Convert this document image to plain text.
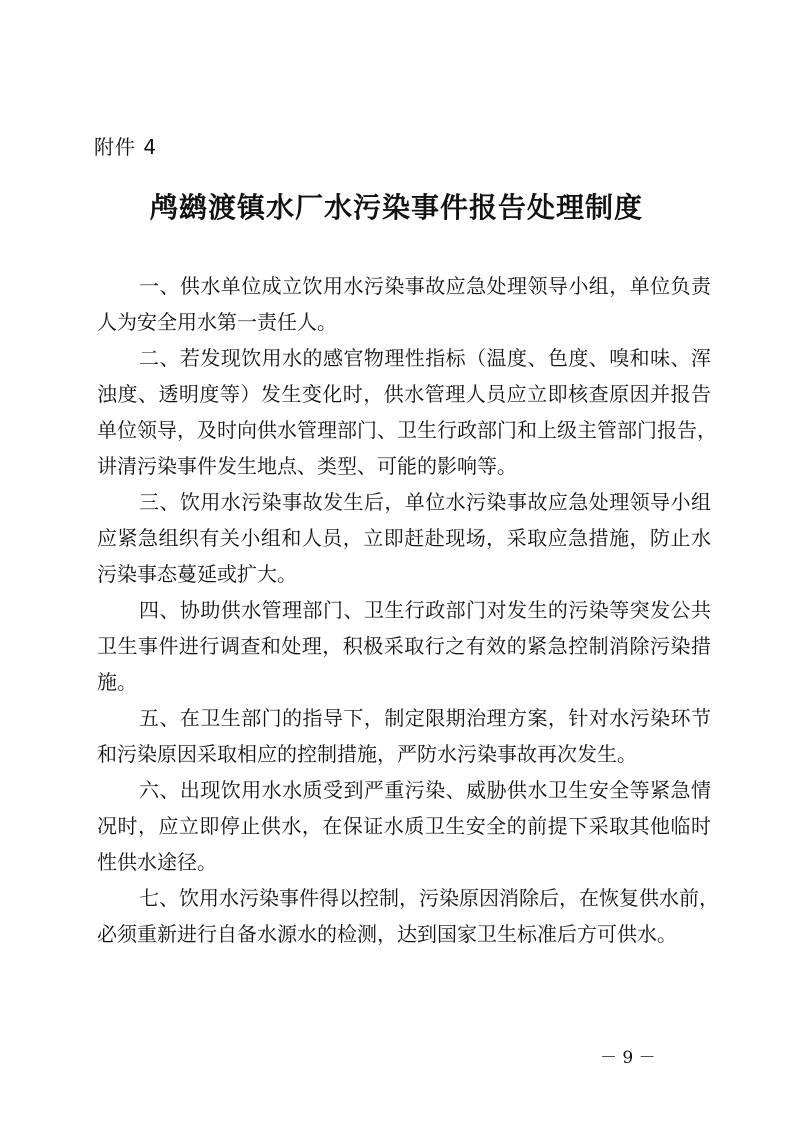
附件 4
鸬鹚渡镇水厂水污染事件报告处理制度

一、供水单位成立饮用水污染事故应急处理领导小组，单位负责
人为安全用水第一责任人。

二、若发现饮用水的感官物理性指标（温度、色度、嗅和味、浑
浊度、透明度等）发生变化时，供水管理人员应立即核查原因并报告
单位领导，及时向供水管理部门、卫生行政部门和上级主管部门报告，
讲清污染事件发生地点、类型、可能的影响等。

三、饮用水污染事故发生后，单位水污染事故应急处理领导小组
应紧急组织有关小组和人员，立即赶赴现场，采取应急措施，防止水
污染事态蔓延或扩大。

四、协助供水管理部门、卫生行政部门对发生的污染等突发公共
卫生事件进行调查和处理，积极采取行之有效的紧急控制消除污染措
施。

五、在卫生部门的指导下，制定限期治理方案，针对水污染环节
和污染原因采取相应的控制措施，严防水污染事故再次发生。

六、出现饮用水水质受到严重污染、威胁供水卫生安全等紧急情
况时，应立即停止供水，在保证水质卫生安全的前提下采取其他临时
性供水途径。

七、饮用水污染事件得以控制，污染原因消除后，在恢复供水前，
必须重新进行自备水源水的检测，达到国家卫生标准后方可供水。

－ 9 －
